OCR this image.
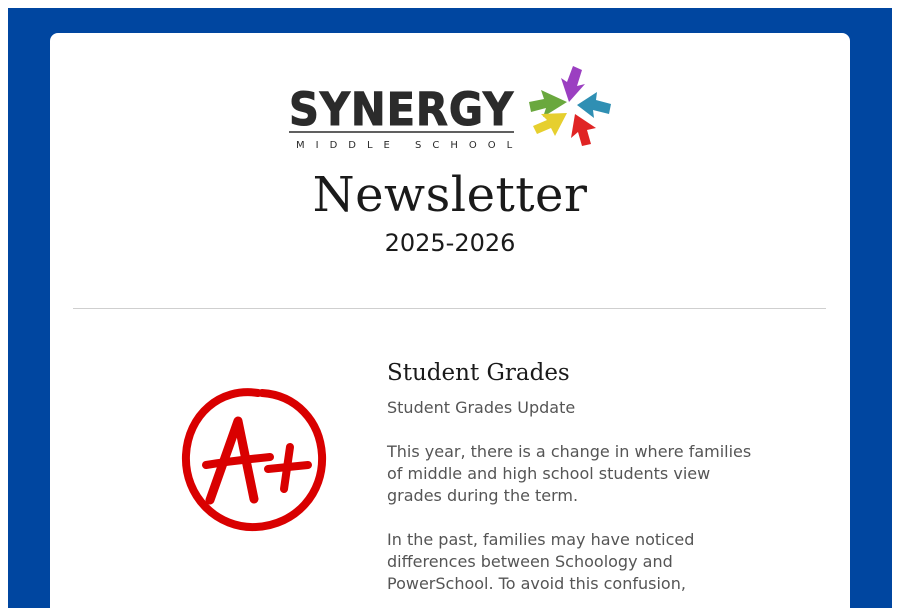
SYNERGY
MIDDLE SCHOOL
Newsletter
2025-2026
Student Grades

Student Grades Update

This year, there is a change in where families of middle and high school students view grades during the term.

In the past, families may have noticed differences between Schoology and PowerSchool. To avoid this confusion,
